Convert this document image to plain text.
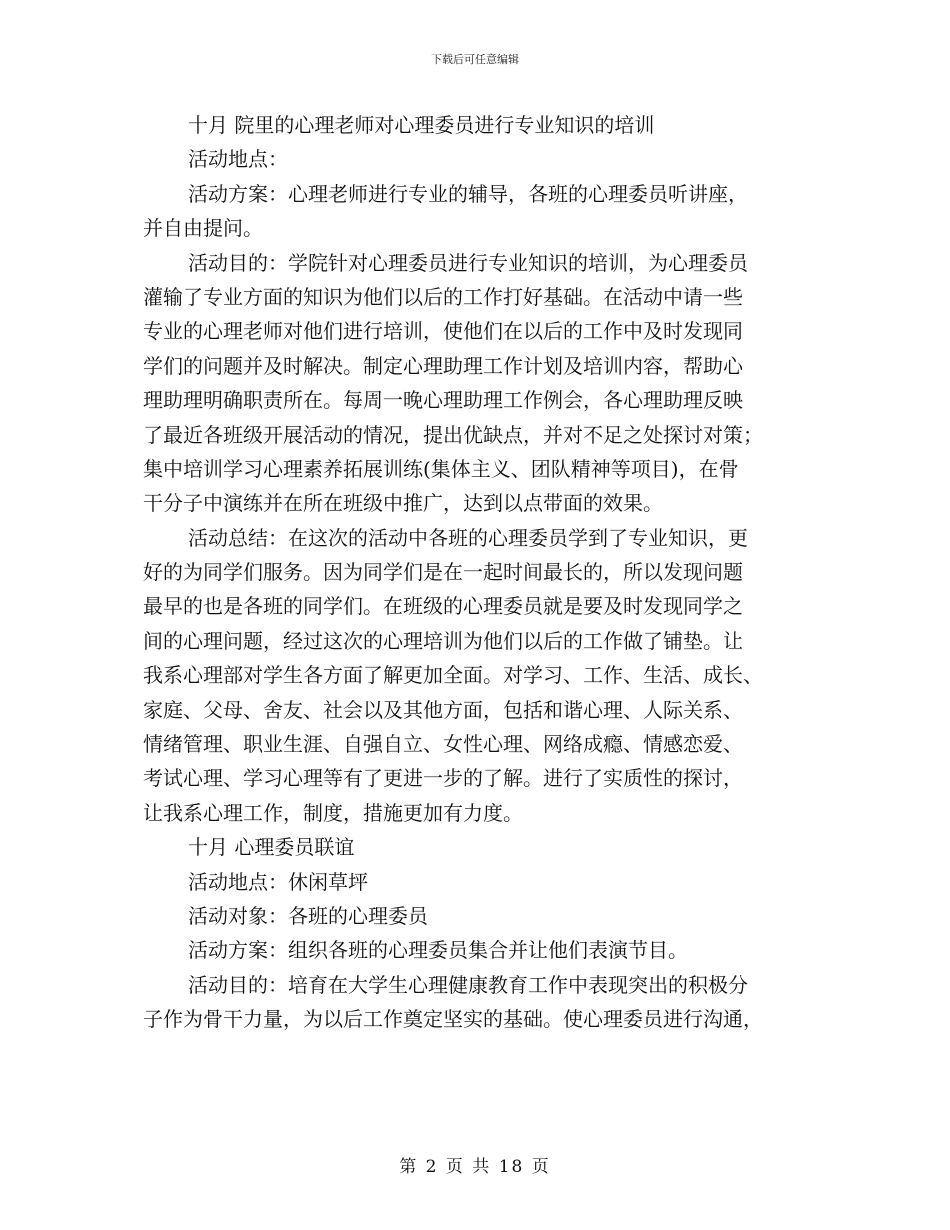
下载后可任意编辑
十月 院里的心理老师对心理委员进行专业知识的培训
活动地点：
活动方案：心理老师进行专业的辅导，各班的心理委员听讲座，
并自由提问。
活动目的：学院针对心理委员进行专业知识的培训，为心理委员
灌输了专业方面的知识为他们以后的工作打好基础。在活动中请一些
专业的心理老师对他们进行培训，使他们在以后的工作中及时发现同
学们的问题并及时解决。制定心理助理工作计划及培训内容，帮助心
理助理明确职责所在。每周一晚心理助理工作例会，各心理助理反映
了最近各班级开展活动的情况，提出优缺点，并对不足之处探讨对策；
集中培训学习心理素养拓展训练(集体主义、团队精神等项目)，在骨
干分子中演练并在所在班级中推广，达到以点带面的效果。
活动总结：在这次的活动中各班的心理委员学到了专业知识，更
好的为同学们服务。因为同学们是在一起时间最长的，所以发现问题
最早的也是各班的同学们。在班级的心理委员就是要及时发现同学之
间的心理问题，经过这次的心理培训为他们以后的工作做了铺垫。让
我系心理部对学生各方面了解更加全面。对学习、工作、生活、成长、
家庭、父母、舍友、社会以及其他方面，包括和谐心理、人际关系、
情绪管理、职业生涯、自强自立、女性心理、网络成瘾、情感恋爱、
考试心理、学习心理等有了更进一步的了解。进行了实质性的探讨，
让我系心理工作，制度，措施更加有力度。
十月 心理委员联谊
活动地点：休闲草坪
活动对象：各班的心理委员
活动方案：组织各班的心理委员集合并让他们表演节目。
活动目的：培育在大学生心理健康教育工作中表现突出的积极分
子作为骨干力量，为以后工作奠定坚实的基础。使心理委员进行沟通，
第 2 页 共 18 页
